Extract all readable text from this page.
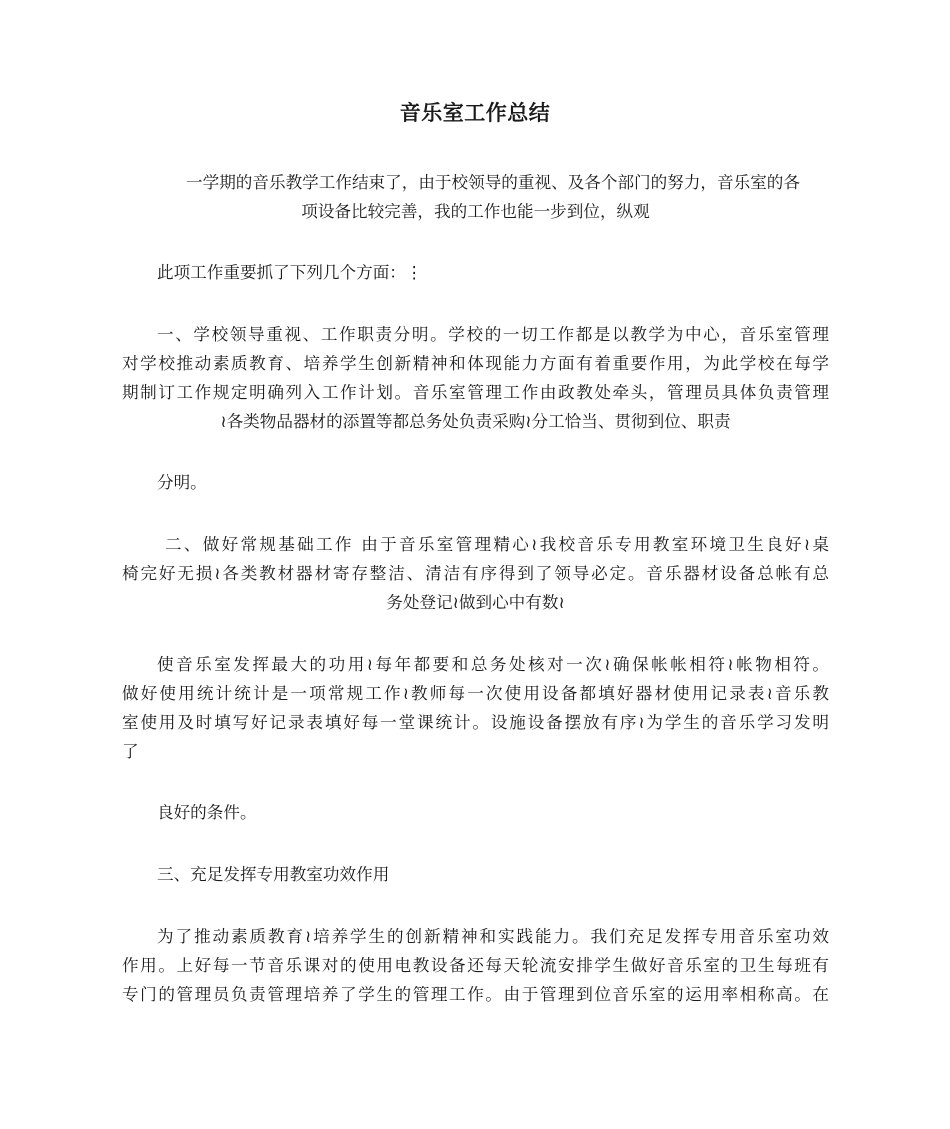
音乐室工作总结
一学期的音乐教学工作结束了，由于校领导的重视、及各个部门的努力，音乐室的各
项设备比较完善，我的工作也能一步到位，纵观
此项工作重要抓了下列几个方面：⋮
一、学校领导重视、工作职责分明。学校的一切工作都是以教学为中心，音乐室管理
对学校推动素质教育、培养学生创新精神和体现能力方面有着重要作用，为此学校在每学
期制订工作规定明确列入工作计划。音乐室管理工作由政教处牵头，管理员具体负责管理
≀各类物品器材的添置等都总务处负责采购≀分工恰当、贯彻到位、职责
分明。
二、做好常规基础工作 由于音乐室管理精心≀我校音乐专用教室环境卫生良好≀桌
椅完好无损≀各类教材器材寄存整洁、清洁有序得到了领导必定。音乐器材设备总帐有总
务处登记≀做到心中有数≀
使音乐室发挥最大的功用≀每年都要和总务处核对一次≀确保帐帐相符≀帐物相符。
做好使用统计统计是一项常规工作≀教师每一次使用设备都填好器材使用记录表≀音乐教
室使用及时填写好记录表填好每一堂课统计。设施设备摆放有序≀为学生的音乐学习发明
了
良好的条件。
三、充足发挥专用教室功效作用
为了推动素质教育≀培养学生的创新精神和实践能力。我们充足发挥专用音乐室功效
作用。上好每一节音乐课对的使用电教设备还每天轮流安排学生做好音乐室的卫生每班有
专门的管理员负责管理培养了学生的管理工作。由于管理到位音乐室的运用率相称高。在
